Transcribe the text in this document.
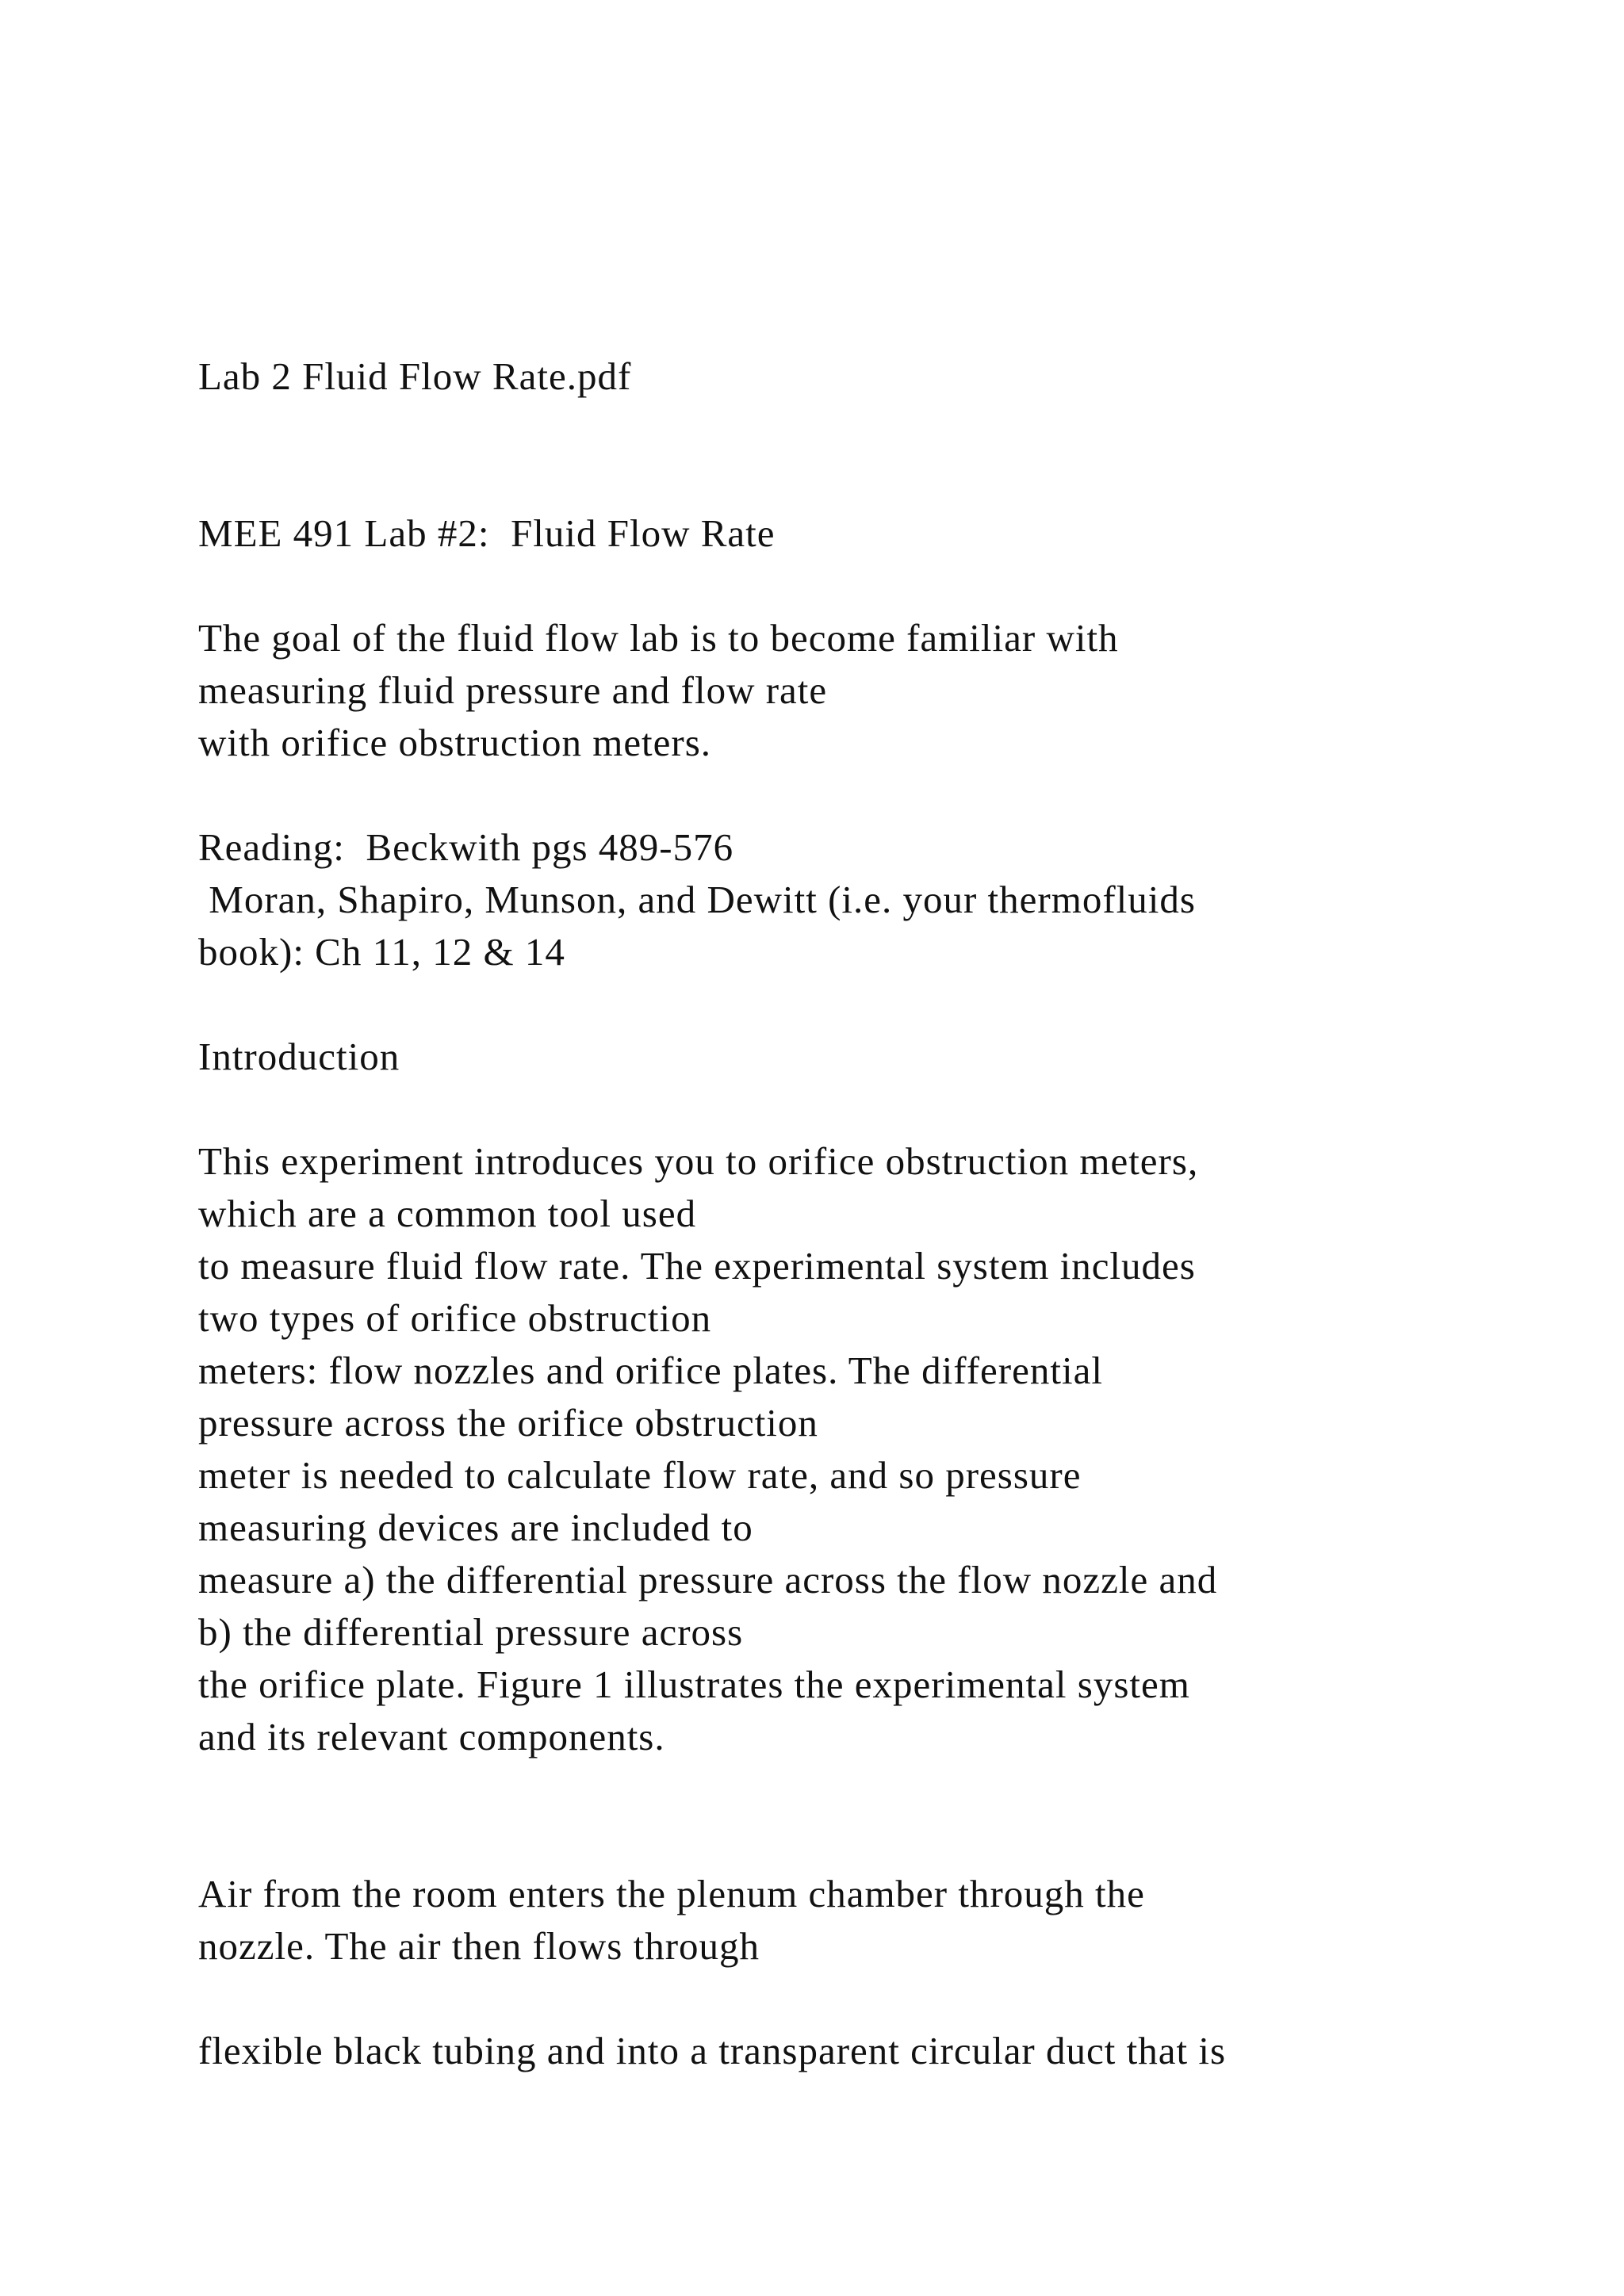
Lab 2 Fluid Flow Rate.pdf

MEE 491 Lab #2:  Fluid Flow Rate

The goal of the fluid flow lab is to become familiar with
measuring fluid pressure and flow rate
with orifice obstruction meters.

Reading:  Beckwith pgs 489-576
Moran, Shapiro, Munson, and Dewitt (i.e. your thermofluids
book): Ch 11, 12 & 14

Introduction

This experiment introduces you to orifice obstruction meters,
which are a common tool used
to measure fluid flow rate. The experimental system includes
two types of orifice obstruction
meters: flow nozzles and orifice plates. The differential
pressure across the orifice obstruction
meter is needed to calculate flow rate, and so pressure
measuring devices are included to
measure a) the differential pressure across the flow nozzle and
b) the differential pressure across
the orifice plate. Figure 1 illustrates the experimental system
and its relevant components.

Air from the room enters the plenum chamber through the
nozzle. The air then flows through

flexible black tubing and into a transparent circular duct that is
